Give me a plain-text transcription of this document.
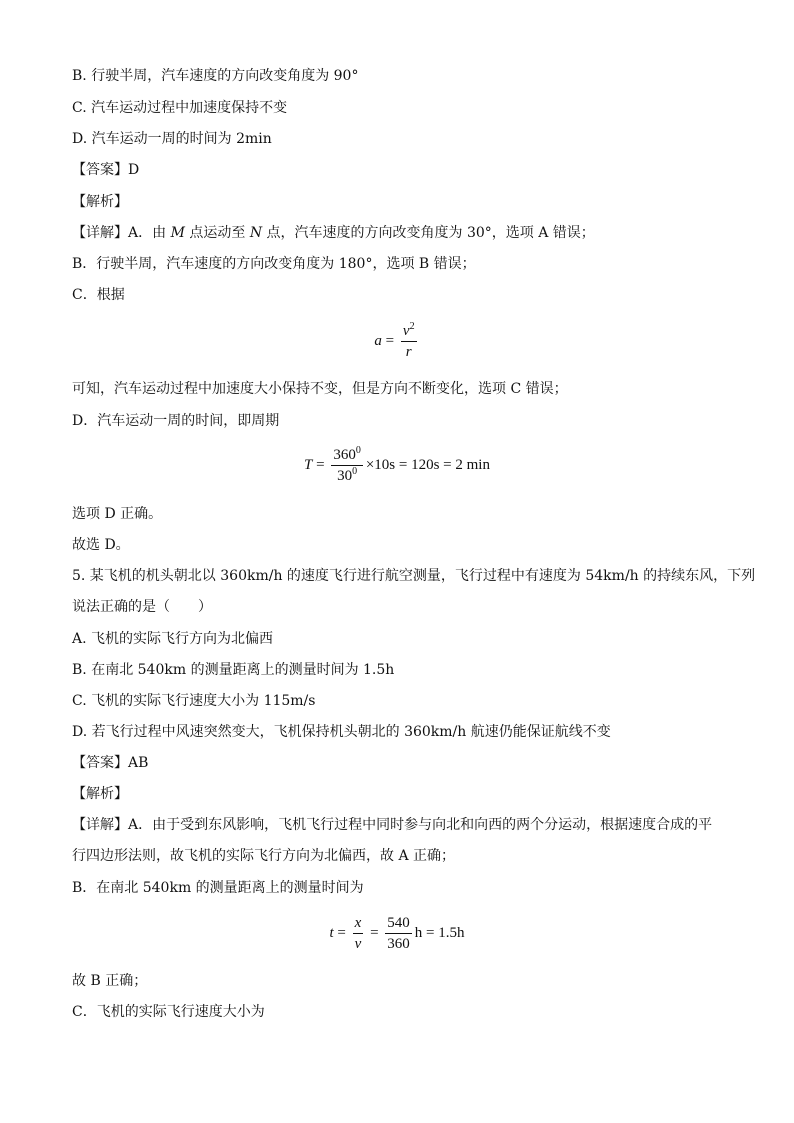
B. 行驶半周，汽车速度的方向改变角度为 90°
C. 汽车运动过程中加速度保持不变
D. 汽车运动一周的时间为 2min
【答案】D
【解析】
【详解】A．由 M 点运动至 N 点，汽车速度的方向改变角度为 30°，选项 A 错误；
B．行驶半周，汽车速度的方向改变角度为 180°，选项 B 错误；
C．根据
$a = \frac{v^2}{r}$
可知，汽车运动过程中加速度大小保持不变，但是方向不断变化，选项 C 错误；
D．汽车运动一周的时间，即周期
$T = \frac{360^0}{30^0} \times 10s = 120s = 2$ min
选项 D 正确。
故选 D。
5. 某飞机的机头朝北以 360km/h 的速度飞行进行航空测量，飞行过程中有速度为 54km/h 的持续东风，下列
说法正确的是（　　）
A. 飞机的实际飞行方向为北偏西
B. 在南北 540km 的测量距离上的测量时间为 1.5h
C. 飞机的实际飞行速度大小为 115m/s
D. 若飞行过程中风速突然变大，飞机保持机头朝北的 360km/h 航速仍能保证航线不变
【答案】AB
【解析】
【详解】A．由于受到东风影响，飞机飞行过程中同时参与向北和向西的两个分运动，根据速度合成的平
行四边形法则，故飞机的实际飞行方向为北偏西，故 A 正确；
B．在南北 540km 的测量距离上的测量时间为
$t = \frac{x}{v} = \frac{540}{360}$ h = 1.5h
故 B 正确；
C．飞机的实际飞行速度大小为
